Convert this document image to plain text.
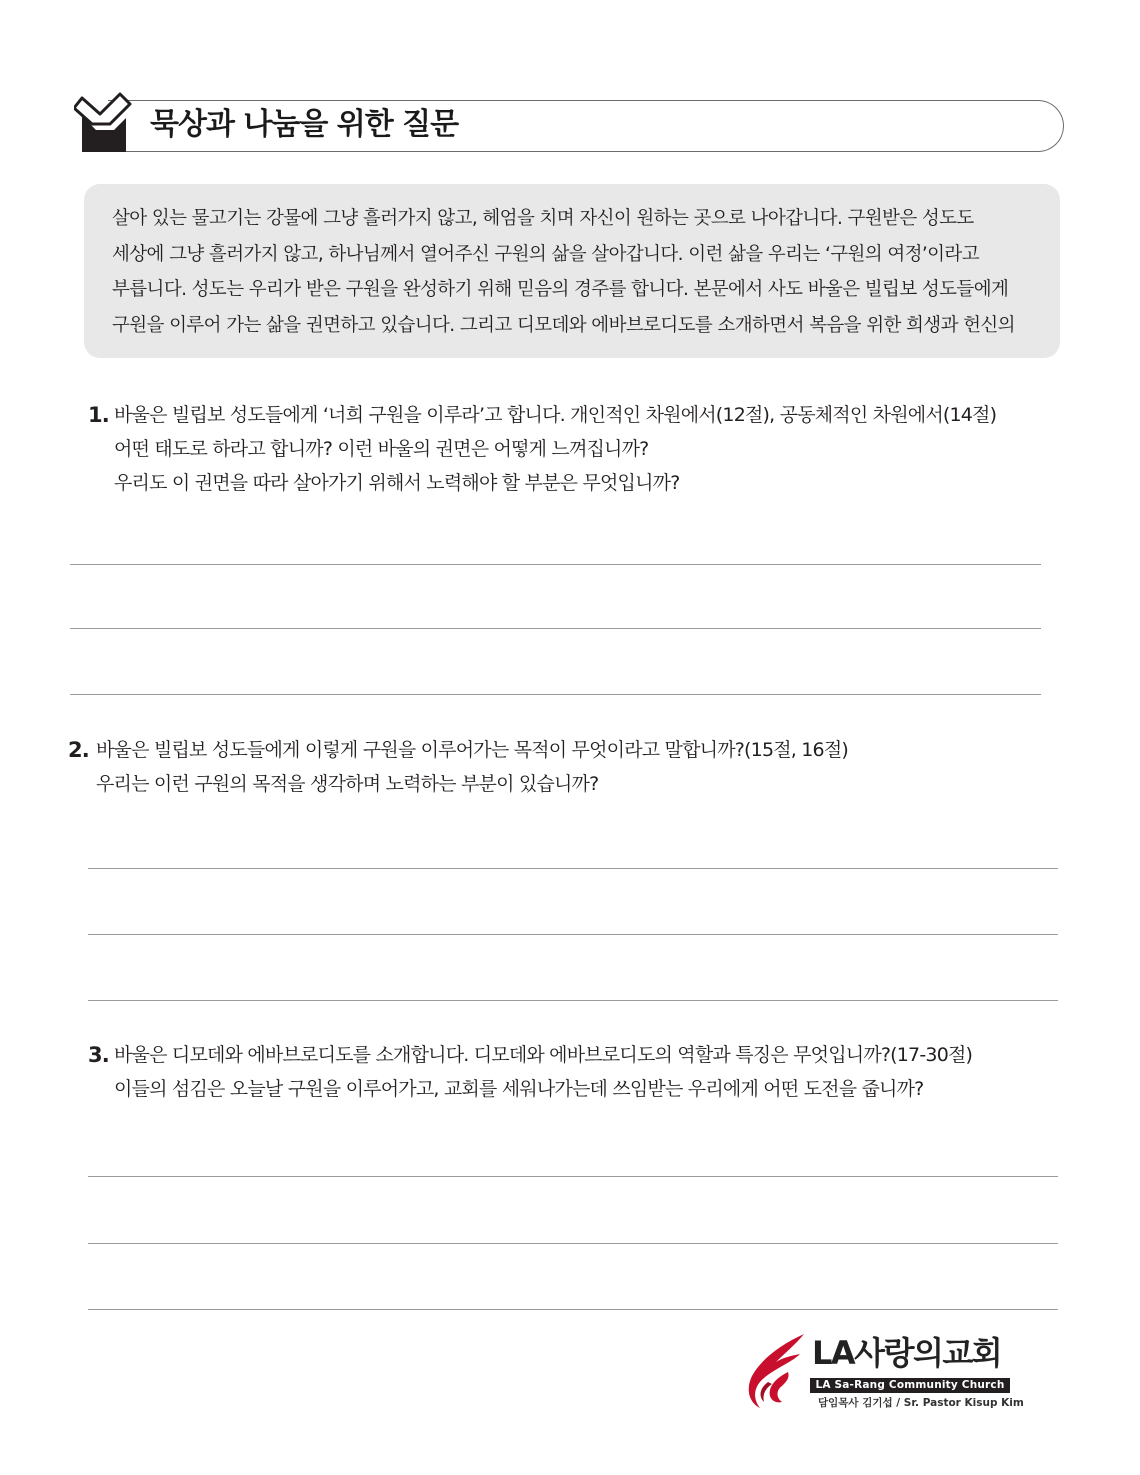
묵상과 나눔을 위한 질문
살아 있는 물고기는 강물에 그냥 흘러가지 않고, 헤엄을 치며 자신이 원하는 곳으로 나아갑니다. 구원받은 성도도
세상에 그냥 흘러가지 않고, 하나님께서 열어주신 구원의 삶을 살아갑니다. 이런 삶을 우리는 ‘구원의 여정’이라고
부릅니다. 성도는 우리가 받은 구원을 완성하기 위해 믿음의 경주를 합니다. 본문에서 사도 바울은 빌립보 성도들에게
구원을 이루어 가는 삶을 권면하고 있습니다. 그리고 디모데와 에바브로디도를 소개하면서 복음을 위한 희생과 헌신의
1. 바울은 빌립보 성도들에게 ‘너희 구원을 이루라’고 합니다. 개인적인 차원에서(12절), 공동체적인 차원에서(14절)
어떤 태도로 하라고 합니까? 이런 바울의 권면은 어떻게 느껴집니까?
우리도 이 권면을 따라 살아가기 위해서 노력해야 할 부분은 무엇입니까?
2. 바울은 빌립보 성도들에게 이렇게 구원을 이루어가는 목적이 무엇이라고 말합니까?(15절, 16절)
우리는 이런 구원의 목적을 생각하며 노력하는 부분이 있습니까?
3. 바울은 디모데와 에바브로디도를 소개합니다. 디모데와 에바브로디도의 역할과 특징은 무엇입니까?(17-30절)
이들의 섬김은 오늘날 구원을 이루어가고, 교회를 세워나가는데 쓰임받는 우리에게 어떤 도전을 줍니까?
LA사랑의교회
LA Sa-Rang Community Church
담임목사 김기섭 / Sr. Pastor Kisup Kim
